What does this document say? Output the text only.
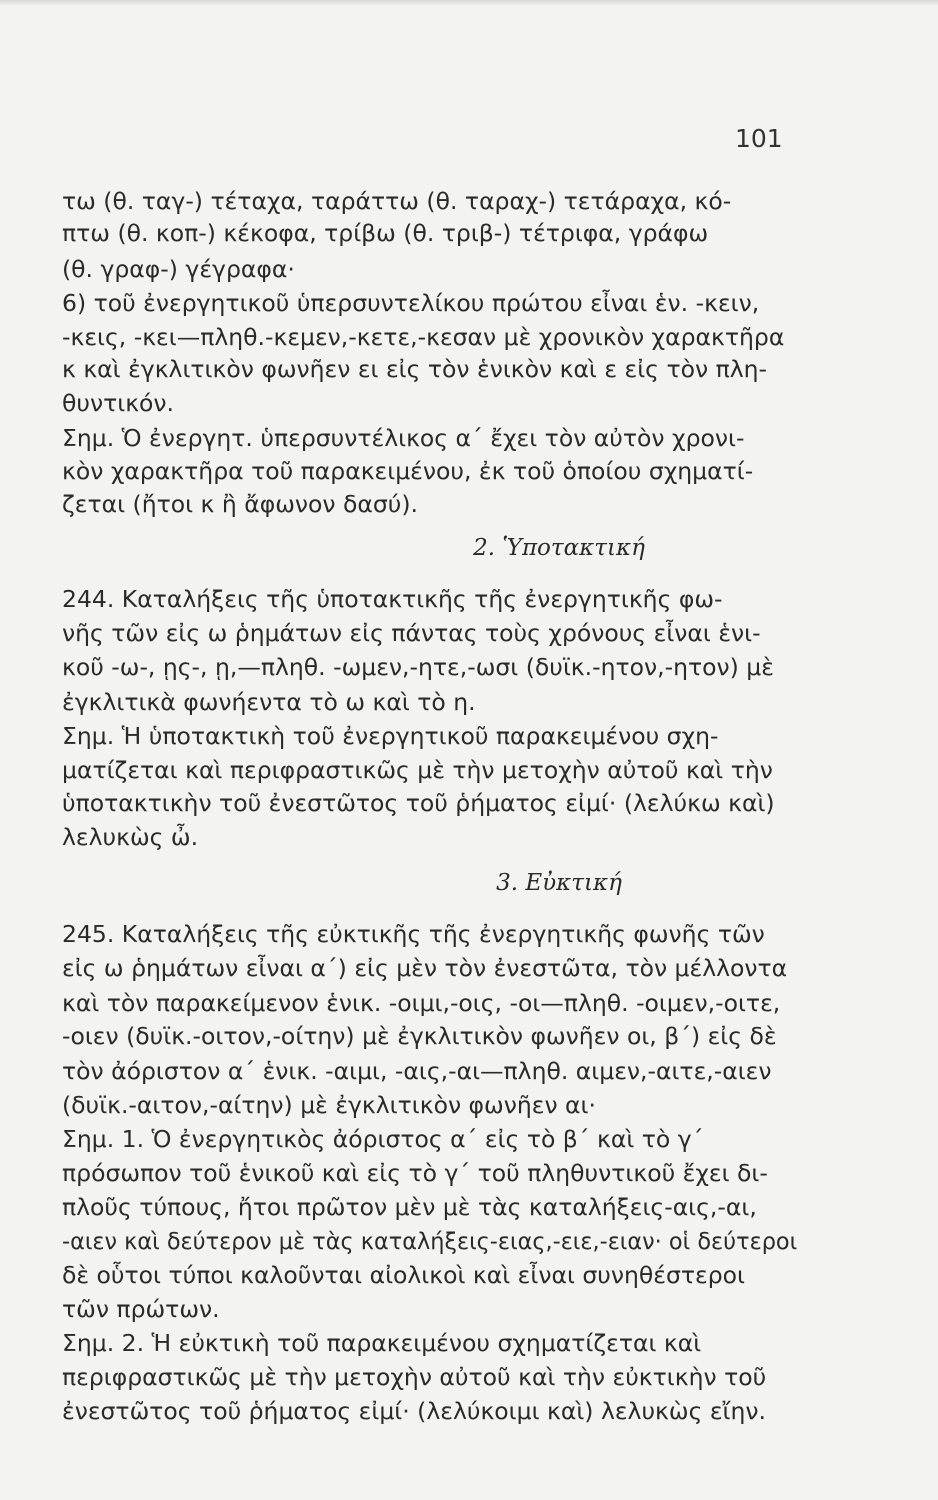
101
τω (θ. ταγ-) τέταχα, ταράττω (θ. ταραχ-) τετάραχα, κό-
πτω (θ. κοπ-) κέκοφα, τρίβω (θ. τριβ-) τέτριφα, γράφω
(θ. γραφ-) γέγραφα·
6) τοῦ ἐνεργητικοῦ ὑπερσυντελίκου πρώτου εἶναι ἑν. -κειν,
-κεις, -κει—πληθ.-κεμεν,-κετε,-κεσαν μὲ χρονικὸν χαρακτῆρα
κ καὶ ἐγκλιτικὸν φωνῆεν ει εἰς τὸν ἑνικὸν καὶ ε εἰς τὸν πλη-
θυντικόν.
Σημ. Ὁ ἐνεργητ. ὑπερσυντέλικος α΄ ἔχει τὸν αὐτὸν χρονι-
κὸν χαρακτῆρα τοῦ παρακειμένου, ἐκ τοῦ ὁποίου σχηματί-
ζεται (ἤτοι κ ἢ ἄφωνον δασύ).
2. Ὑποτακτική
244. Καταλήξεις τῆς ὑποτακτικῆς τῆς ἐνεργητικῆς φω-
νῆς τῶν εἰς ω ῥημάτων εἰς πάντας τοὺς χρόνους εἶναι ἑνι-
κοῦ -ω-, ῃς-, ῃ,—πληθ. -ωμεν,-ητε,-ωσι (δυϊκ.-ητον,-ητον) μὲ
ἐγκλιτικὰ φωνήεντα τὸ ω καὶ τὸ η.
Σημ. Ἡ ὑποτακτικὴ τοῦ ἐνεργητικοῦ παρακειμένου σχη-
ματίζεται καὶ περιφραστικῶς μὲ τὴν μετοχὴν αὐτοῦ καὶ τὴν
ὑποτακτικὴν τοῦ ἐνεστῶτος τοῦ ῥήματος εἰμί· (λελύκω καὶ)
λελυκὼς ὦ.
3. Εὐκτική
245. Καταλήξεις τῆς εὐκτικῆς τῆς ἐνεργητικῆς φωνῆς τῶν
εἰς ω ῥημάτων εἶναι α΄) εἰς μὲν τὸν ἐνεστῶτα, τὸν μέλλοντα
καὶ τὸν παρακείμενον ἑνικ. -οιμι,-οις, -οι—πληθ. -οιμεν,-οιτε,
-οιεν (δυϊκ.-οιτον,-οίτην) μὲ ἐγκλιτικὸν φωνῆεν οι, β΄) εἰς δὲ
τὸν ἀόριστον α΄ ἑνικ. -αιμι, -αις,-αι—πληθ. αιμεν,-αιτε,-αιεν
(δυϊκ.-αιτον,-αίτην) μὲ ἐγκλιτικὸν φωνῆεν αι·
Σημ. 1. Ὁ ἐνεργητικὸς ἀόριστος α΄ εἰς τὸ β΄ καὶ τὸ γ΄
πρόσωπον τοῦ ἑνικοῦ καὶ εἰς τὸ γ΄ τοῦ πληθυντικοῦ ἔχει δι-
πλοῦς τύπους, ἤτοι πρῶτον μὲν μὲ τὰς καταλήξεις-αις,-αι,
-αιεν καὶ δεύτερον μὲ τὰς καταλήξεις-ειας,-ειε,-ειαν· οἱ δεύτεροι
δὲ οὗτοι τύποι καλοῦνται αἰολικοὶ καὶ εἶναι συνηθέστεροι
τῶν πρώτων.
Σημ. 2. Ἡ εὐκτικὴ τοῦ παρακειμένου σχηματίζεται καὶ
περιφραστικῶς μὲ τὴν μετοχὴν αὐτοῦ καὶ τὴν εὐκτικὴν τοῦ
ἐνεστῶτος τοῦ ῥήματος εἰμί· (λελύκοιμι καὶ) λελυκὼς εἴην.
